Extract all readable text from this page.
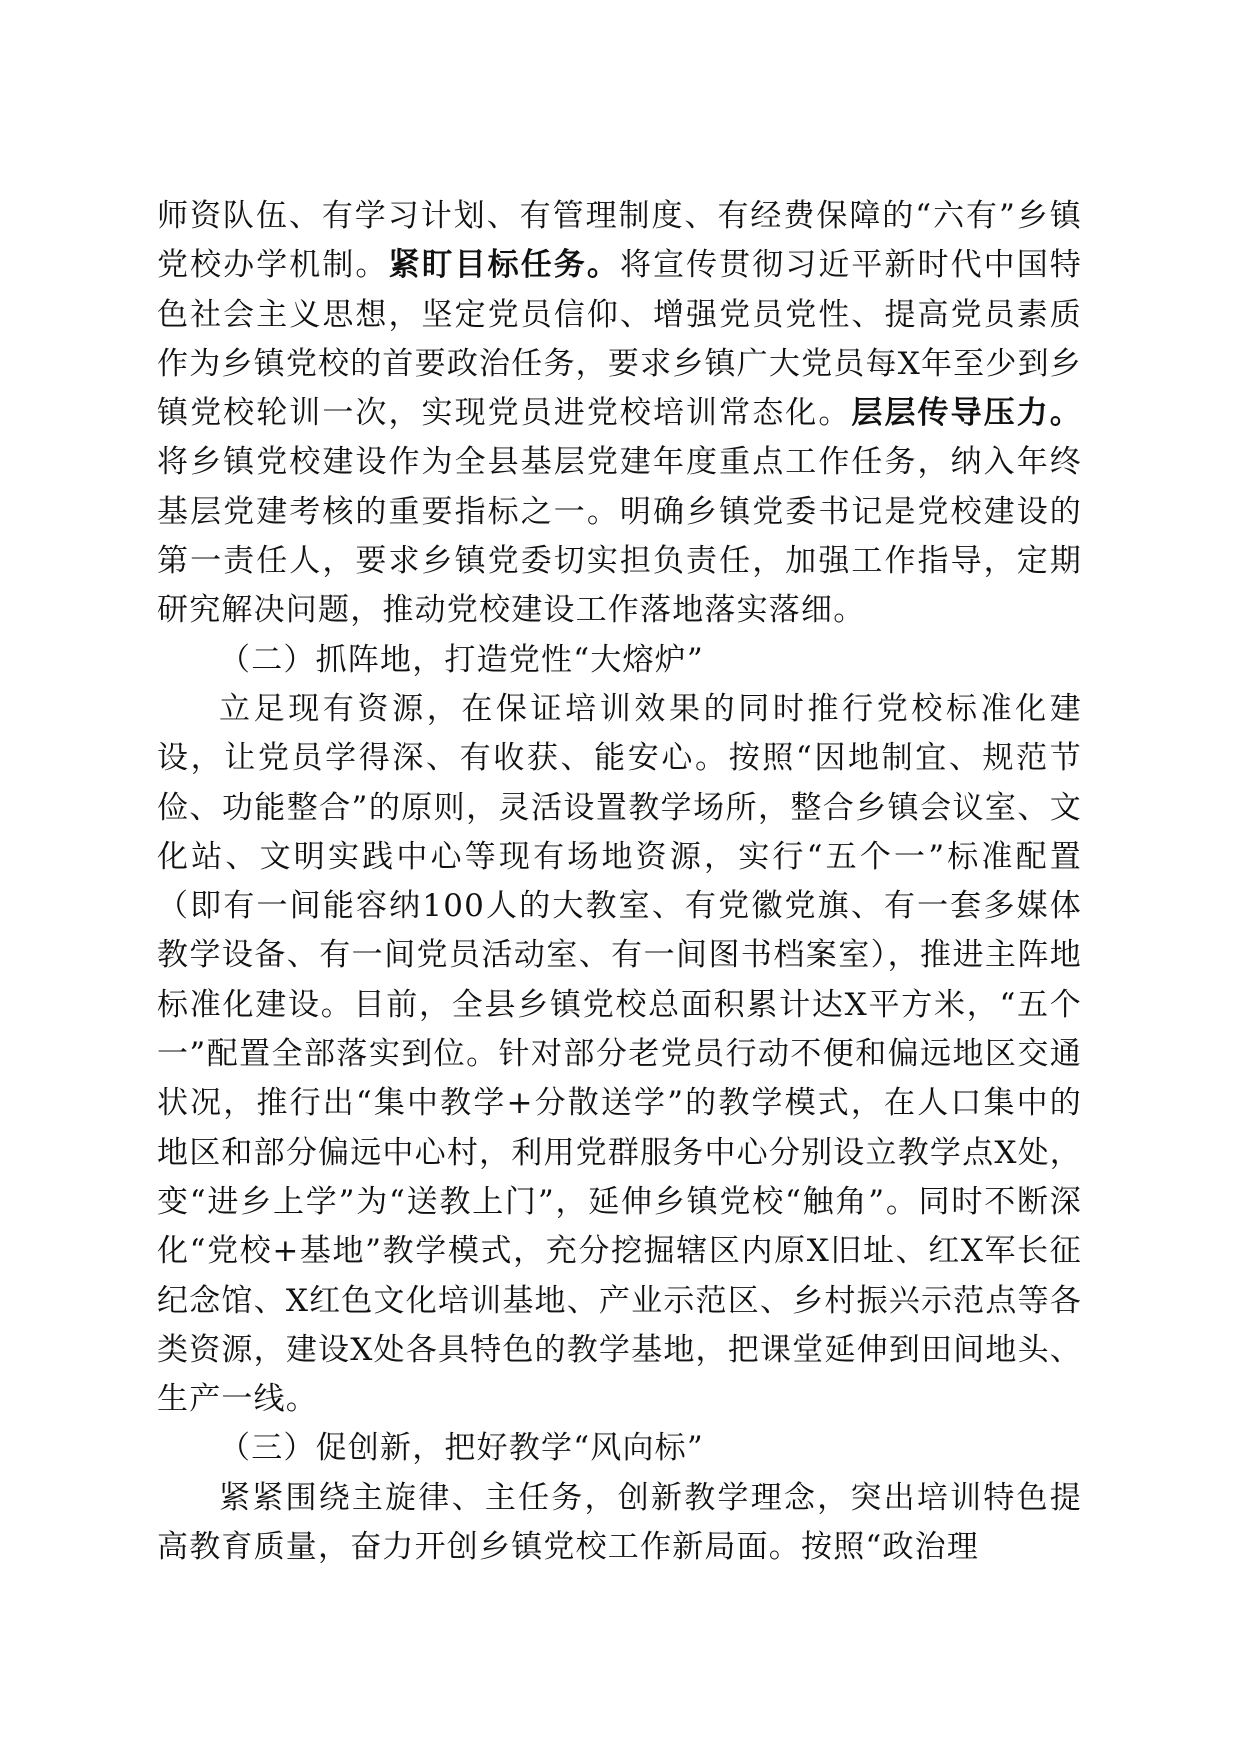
师资队伍、有学习计划、有管理制度、有经费保障的“六有”乡镇党校办学机制。紧盯目标任务。将宣传贯彻习近平新时代中国特色社会主义思想，坚定党员信仰、增强党员党性、提高党员素质作为乡镇党校的首要政治任务，要求乡镇广大党员每X年至少到乡镇党校轮训一次，实现党员进党校培训常态化。层层传导压力。将乡镇党校建设作为全县基层党建年度重点工作任务，纳入年终基层党建考核的重要指标之一。明确乡镇党委书记是党校建设的第一责任人，要求乡镇党委切实担负责任，加强工作指导，定期研究解决问题，推动党校建设工作落地落实落细。

（二）抓阵地，打造党性“大熔炉”

立足现有资源，在保证培训效果的同时推行党校标准化建设，让党员学得深、有收获、能安心。按照“因地制宜、规范节俭、功能整合”的原则，灵活设置教学场所，整合乡镇会议室、文化站、文明实践中心等现有场地资源，实行“五个一”标准配置（即有一间能容纳100人的大教室、有党徽党旗、有一套多媒体教学设备、有一间党员活动室、有一间图书档案室），推进主阵地标准化建设。目前，全县乡镇党校总面积累计达X平方米，“五个一”配置全部落实到位。针对部分老党员行动不便和偏远地区交通状况，推行出“集中教学+分散送学”的教学模式，在人口集中的地区和部分偏远中心村，利用党群服务中心分别设立教学点X处，变“进乡上学”为“送教上门”，延伸乡镇党校“触角”。同时不断深化“党校+基地”教学模式，充分挖掘辖区内原X旧址、红X军长征纪念馆、X红色文化培训基地、产业示范区、乡村振兴示范点等各类资源，建设X处各具特色的教学基地，把课堂延伸到田间地头、生产一线。

（三）促创新，把好教学“风向标”

紧紧围绕主旋律、主任务，创新教学理念，突出培训特色提高教育质量，奋力开创乡镇党校工作新局面。按照“政治理
